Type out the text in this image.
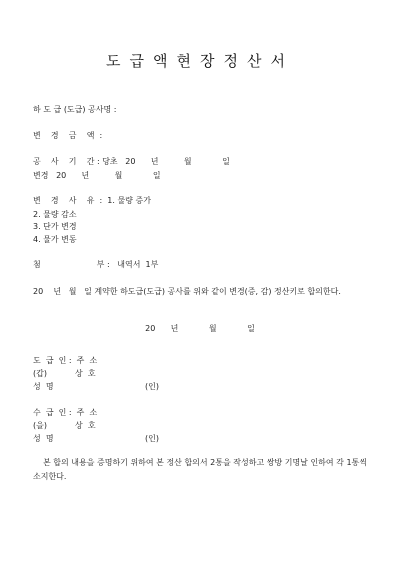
도급액현장정산서
하 도 급 (도급) 공사명 :
변    경    금    액  :
공    사    기    간 : 당초   20      년          월            일
변경   20      년          월            일
변    경    사    유  :  1. 물량 증가
2. 물량 감소
3. 단가 변경
4. 물가 변동
첨                      부 :   내역서  1부
20    년   월   일 계약한 하도급(도급) 공사를 위와 같이 변경(증, 감) 정산키로 합의한다.
20      년            월            일
도  급  인 :  주  소
(갑)	상  호
성  명	(인)
수  급  인 :  주  소
(을)	상  호
성  명	(인)
본 합의 내용을 증명하기 위하여 본 정산 합의서 2통을 작성하고 쌍방 기명날 인하여 각 1통씩 소지한다.
